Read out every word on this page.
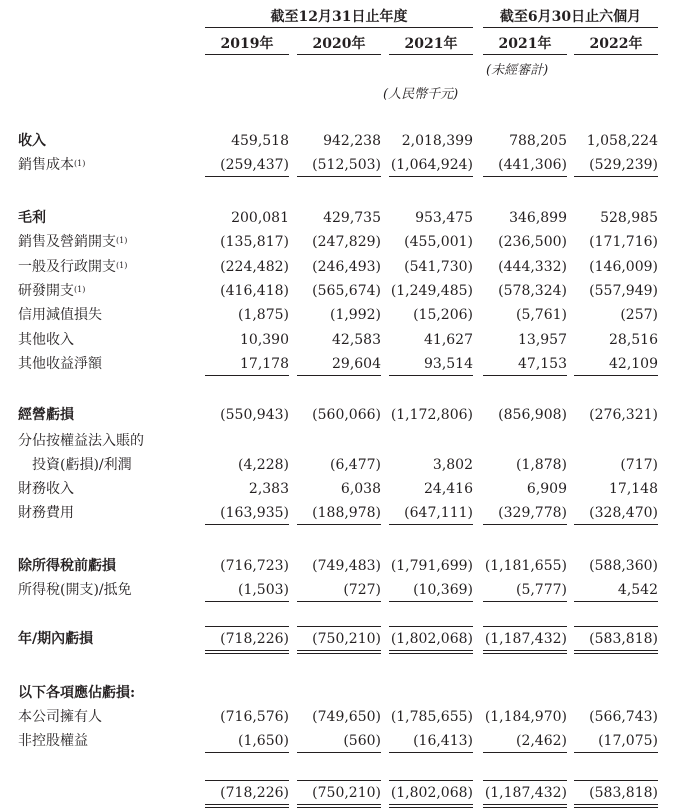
截至12月31日止年度	截至6月30日止六個月
2019年	2020年	2021年	2021年	2022年
(未經審計)
(人民幣千元)
收入	459,518	942,238	2,018,399	788,205	1,058,224
銷售成本$^{(1)}$	(259,437)	(512,503) (1,064,924)	(441,306)	(529,239)
毛利	200,081	429,735	953,475	346,899	528,985
銷售及營銷開支$^{(1)}$	(135,817)	(247,829)	(455,001)	(236,500)	(171,716)
一般及行政開支$^{(1)}$	(224,482)	(246,493)	(541,730)	(444,332)	(146,009)
研發開支$^{(1)}$	(416,418)	(565,674) (1,249,485)	(578,324)	(557,949)
信用減值損失	(1,875)	(1,992)	(15,206)	(5,761)	(257)
其他收入	10,390	42,583	41,627	13,957	28,516
其他收益淨額	17,178	29,604	93,514	47,153	42,109
經營虧損	(550,943)	(560,066) (1,172,806)	(856,908)	(276,321)
分佔按權益法入賬的
投資(虧損)/利潤	(4,228)	(6,477)	3,802	(1,878)	(717)
財務收入	2,383	6,038	24,416	6,909	17,148
財務費用	(163,935)	(188,978)	(647,111)	(329,778)	(328,470)
除所得稅前虧損	(716,723)	(749,483) (1,791,699) (1,181,655)	(588,360)
所得稅(開支)/抵免	(1,503)	(727)	(10,369)	(5,777)	4,542
年/期內虧損	(718,226)	(750,210) (1,802,068) (1,187,432)	(583,818)
以下各項應佔虧損:
本公司擁有人	(716,576)	(749,650) (1,785,655) (1,184,970)	(566,743)
非控股權益	(1,650)	(560)	(16,413)	(2,462)	(17,075)
(718,226)	(750,210) (1,802,068) (1,187,432)	(583,818)
